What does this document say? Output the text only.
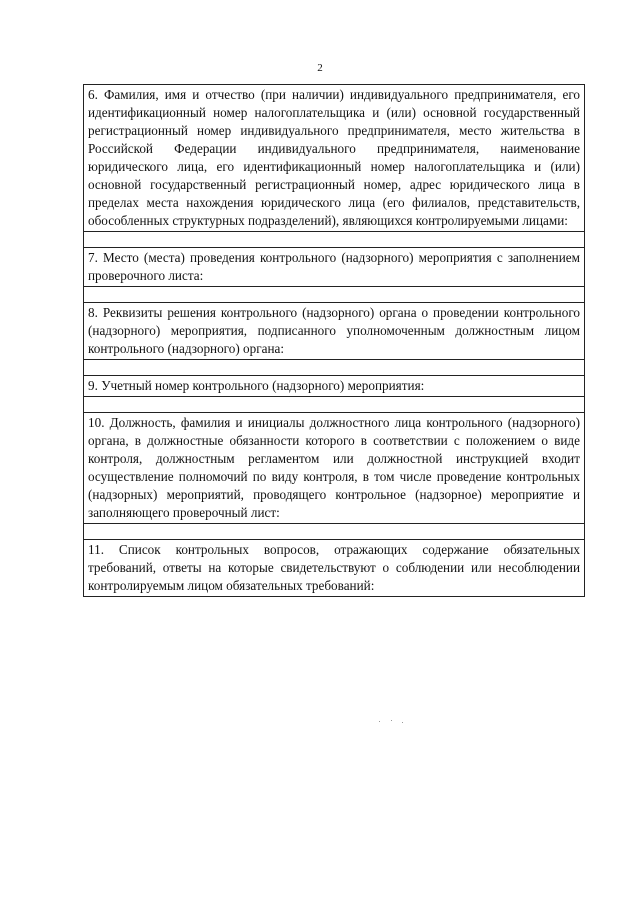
2
6. Фамилия, имя и отчество (при наличии) индивидуального предпринимателя, его идентификационный номер налогоплательщика и (или) основной государственный регистрационный номер индивидуального предпринимателя, место жительства в Российской Федерации индивидуального предпринимателя, наименование юридического лица, его идентификационный номер налогоплательщика и (или) основной государственный регистрационный номер, адрес юридического лица в пределах места нахождения юридического лица (его филиалов, представительств, обособленных структурных подразделений), являющихся контролируемыми лицами:

7. Место (места) проведения контрольного (надзорного) мероприятия с заполнением проверочного листа:

8. Реквизиты решения контрольного (надзорного) органа о проведении контрольного (надзорного) мероприятия, подписанного уполномоченным должностным лицом контрольного (надзорного) органа:

9. Учетный номер контрольного (надзорного) мероприятия:

10. Должность, фамилия и инициалы должностного лица контрольного (надзорного) органа, в должностные обязанности которого в соответствии с положением о виде контроля, должностным регламентом или должностной инструкцией входит осуществление полномочий по виду контроля, в том числе проведение контрольных (надзорных) мероприятий, проводящего контрольное (надзорное) мероприятие и заполняющего проверочный лист:

11. Список контрольных вопросов, отражающих содержание обязательных требований, ответы на которые свидетельствуют о соблюдении или несоблюдении контролируемым лицом обязательных требований:
